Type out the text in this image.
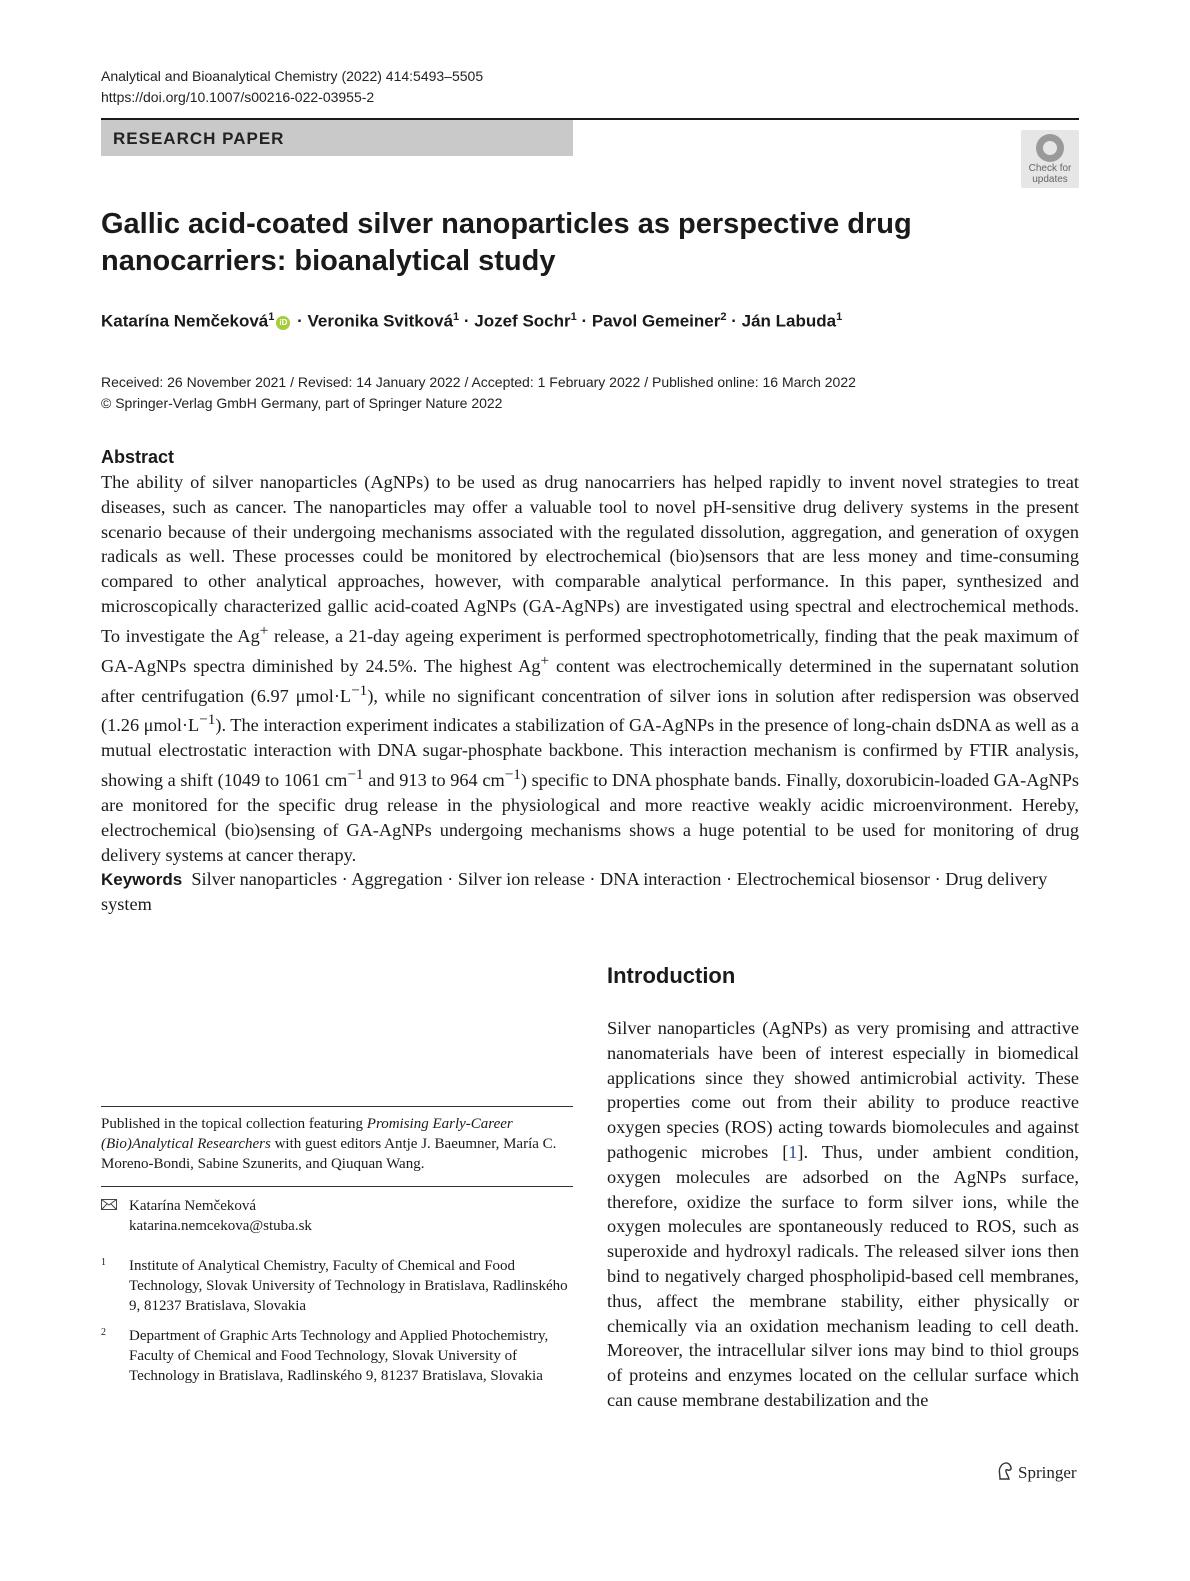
Analytical and Bioanalytical Chemistry (2022) 414:5493–5505
https://doi.org/10.1007/s00216-022-03955-2
RESEARCH PAPER
Check for updates
Gallic acid-coated silver nanoparticles as perspective drug
nanocarriers: bioanalytical study
Katarína Nemčeková$^1$ iD · Veronika Svitková$^1$ · Jozef Sochr$^1$ · Pavol Gemeiner$^2$ · Ján Labuda$^1$
Received: 26 November 2021 / Revised: 14 January 2022 / Accepted: 1 February 2022 / Published online: 16 March 2022
© Springer-Verlag GmbH Germany, part of Springer Nature 2022
Abstract

The ability of silver nanoparticles (AgNPs) to be used as drug nanocarriers has helped rapidly to invent novel strategies to treat diseases, such as cancer. The nanoparticles may offer a valuable tool to novel pH-sensitive drug delivery systems in the present scenario because of their undergoing mechanisms associated with the regulated dissolution, aggregation, and generation of oxygen radicals as well. These processes could be monitored by electrochemical (bio)sensors that are less money and time-consuming compared to other analytical approaches, however, with comparable analytical performance. In this paper, synthesized and microscopically characterized gallic acid-coated AgNPs (GA-AgNPs) are investigated using spectral and electrochemical methods. To investigate the Ag+ release, a 21-day ageing experiment is performed spectrophotometrically, finding that the peak maximum of GA-AgNPs spectra diminished by 24.5%. The highest Ag+ content was electrochemically determined in the supernatant solution after centrifugation (6.97 $\mu mol\cdot L^{-1}$), while no significant concentration of silver ions in solution after redispersion was observed (1.26 $\mu mol\cdot L^{-1}$). The interaction experiment indicates a stabilization of GA-AgNPs in the presence of long-chain dsDNA as well as a mutual electrostatic interaction with DNA sugar-phosphate backbone. This interaction mechanism is confirmed by FTIR analysis, showing a shift (1049 to 1061 $cm^{-1}$ and 913 to 964 $cm^{-1}$) specific to DNA phosphate bands. Finally, doxorubicin-loaded GA-AgNPs are monitored for the specific drug release in the physiological and more reactive weakly acidic microenvironment. Hereby, electrochemical (bio)sensing of GA-AgNPs undergoing mechanisms shows a huge potential to be used for monitoring of drug delivery systems at cancer therapy.

Keywords Silver nanoparticles · Aggregation · Silver ion release · DNA interaction · Electrochemical biosensor · Drug delivery system
Introduction

Silver nanoparticles (AgNPs) as very promising and attractive nanomaterials have been of interest especially in biomedical applications since they showed antimicrobial activity. These properties come out from their ability to produce reactive oxygen species (ROS) acting towards biomolecules and against pathogenic microbes [1]. Thus, under ambient condition, oxygen molecules are adsorbed on the AgNPs surface, therefore, oxidize the surface to form silver ions, while the oxygen molecules are spontaneously reduced to ROS, such as superoxide and hydroxyl radicals. The released silver ions then bind to negatively charged phospholipid-based cell membranes, thus, affect the membrane stability, either physically or chemically via an oxidation mechanism leading to cell death. Moreover, the intracellular silver ions may bind to thiol groups of proteins and enzymes located on the cellular surface which can cause membrane destabilization and the

Published in the topical collection featuring Promising Early-Career (Bio)Analytical Researchers with guest editors Antje J. Baeumner, María C. Moreno-Bondi, Sabine Szunerits, and Qiuquan Wang.
Katarína Nemčeková
katarina.nemcekova@stuba.sk
1 Institute of Analytical Chemistry, Faculty of Chemical and Food Technology, Slovak University of Technology in Bratislava, Radlinského 9, 81237 Bratislava, Slovakia
2 Department of Graphic Arts Technology and Applied Photochemistry, Faculty of Chemical and Food Technology, Slovak University of Technology in Bratislava, Radlinského 9, 81237 Bratislava, Slovakia
Springer
